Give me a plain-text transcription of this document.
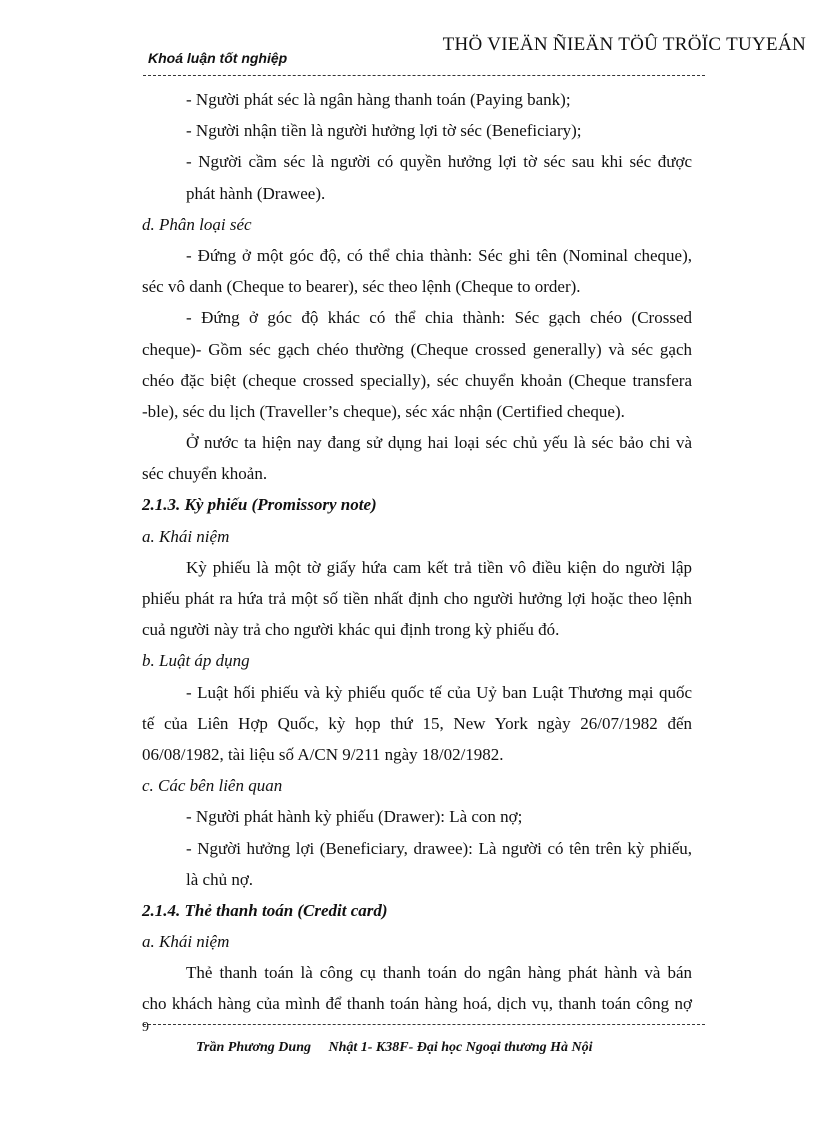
Khoá luận tốt nghiệp
THÖ VIEÄN ÑIEÄN TÖÛ TRÖÏC TUYEÁN
- Người phát séc là ngân hàng thanh toán (Paying bank);
- Người nhận tiền là người hưởng lợi tờ séc (Beneficiary);
- Người cầm séc là người có quyền hưởng lợi tờ séc sau khi séc được
phát hành (Drawee).
d. Phân loại séc
- Đứng ở một góc độ, có thể chia thành: Séc ghi tên (Nominal cheque),
séc vô danh (Cheque to bearer), séc theo lệnh (Cheque to order).
- Đứng ở góc độ khác có thể chia thành: Séc gạch chéo (Crossed
cheque)- Gồm séc gạch chéo thường (Cheque crossed generally) và séc gạch
chéo đặc biệt (cheque crossed specially), séc chuyển khoản (Cheque transfera
-ble), séc du lịch (Traveller’s cheque), séc xác nhận (Certified cheque).
Ở nước ta hiện nay đang sử dụng hai loại séc chủ yếu là séc bảo chi và
séc chuyển khoản.
2.1.3. Kỳ phiếu (Promissory note)
a. Khái niệm
Kỳ phiếu là một tờ giấy hứa cam kết trả tiền vô điều kiện do người lập
phiếu phát ra hứa trả một số tiền nhất định cho người hưởng lợi hoặc theo lệnh
cuả người này trả cho người khác qui định trong kỳ phiếu đó.
b. Luật áp dụng
- Luật hối phiếu và kỳ phiếu quốc tế của Uỷ ban Luật Thương mại quốc
tế của Liên Hợp Quốc, kỳ họp thứ 15, New York ngày 26/07/1982 đến
06/08/1982, tài liệu số A/CN 9/211 ngày 18/02/1982.
c. Các bên liên quan
- Người phát hành kỳ phiếu (Drawer): Là con nợ;
- Người hưởng lợi (Beneficiary, drawee): Là người có tên trên kỳ phiếu,
là chủ nợ.
2.1.4. Thẻ thanh toán (Credit card)
a. Khái niệm
Thẻ thanh toán là công cụ thanh toán do ngân hàng phát hành và bán
cho khách hàng của mình để thanh toán hàng hoá, dịch vụ, thanh toán công nợ
9
Trần Phương Dung     Nhật 1- K38F- Đại học Ngoại thương Hà Nội
